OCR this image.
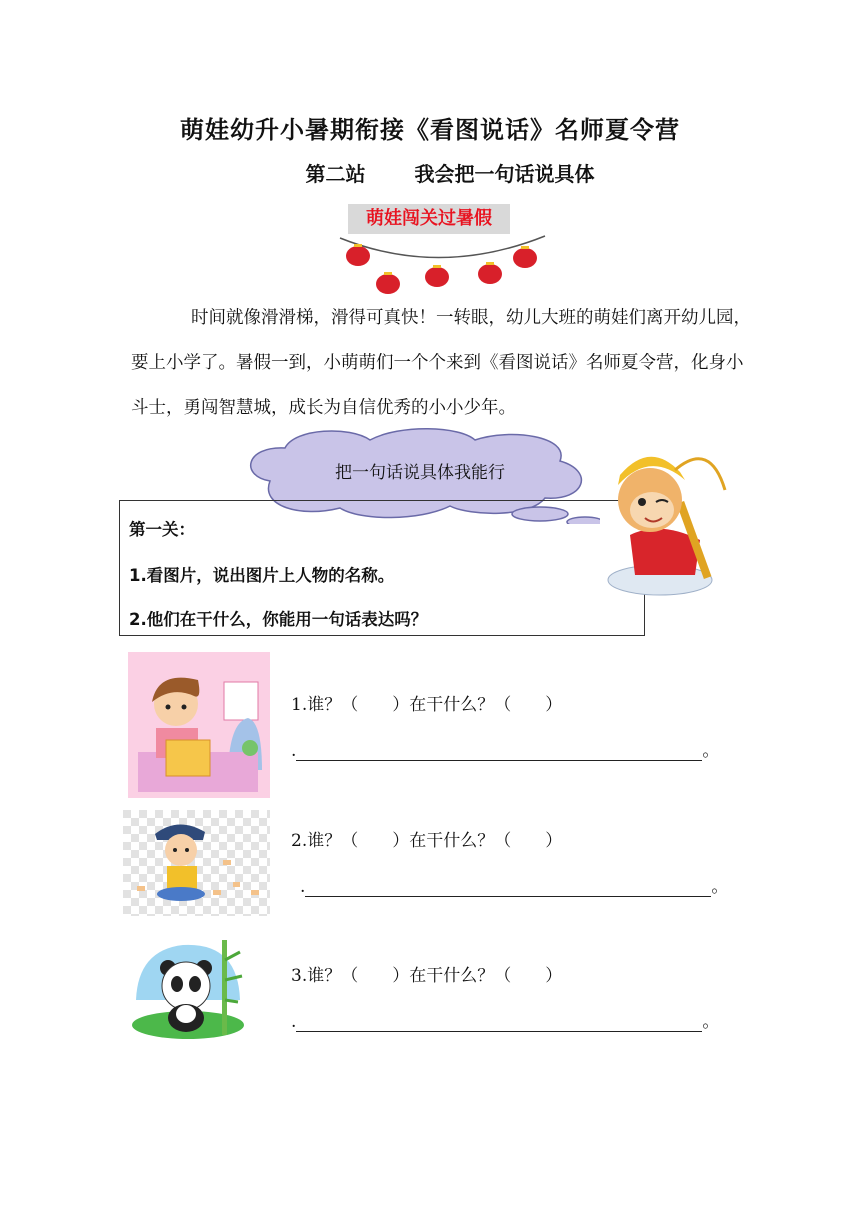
萌娃幼升小暑期衔接《看图说话》名师夏令营
第二站　 我会把一句话说具体
萌娃闯关过暑假
时间就像滑滑梯，滑得可真快！一转眼，幼儿大班的萌娃们离开幼儿园，要上小学了。暑假一到，小萌萌们一个个来到《看图说话》名师夏令营，化身小斗士，勇闯智慧城，成长为自信优秀的小小少年。
把一句话说具体我能行
第一关：
1.看图片，说出图片上人物的名称。
2.他们在干什么，你能用一句话表达吗？
1.谁？（　　）在干什么？（　　）
.	。
2.谁？（　　）在干什么？（　　）
.	。
3.谁？（　　）在干什么？（　　）
.	。
